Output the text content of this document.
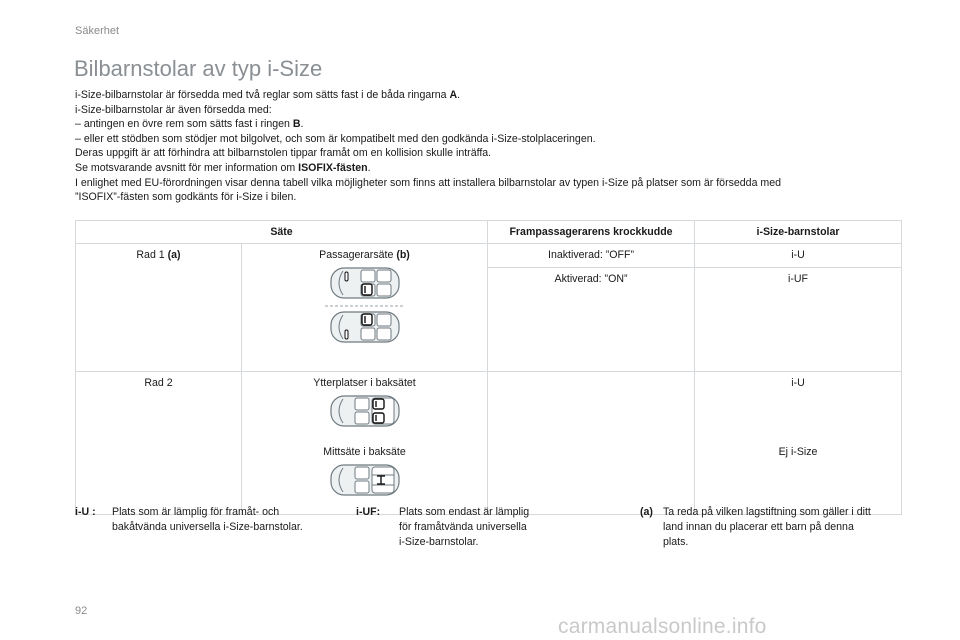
Säkerhet
Bilbarnstolar av typ i-Size

i-Size-bilbarnstolar är försedda med två reglar som sätts fast i de båda ringarna A.

i-Size-bilbarnstolar är även försedda med:

– antingen en övre rem som sätts fast i ringen B.

– eller ett stödben som stödjer mot bilgolvet, och som är kompatibelt med den godkända i-Size-stolplaceringen.

Deras uppgift är att förhindra att bilbarnstolen tippar framåt om en kollision skulle inträffa.

Se motsvarande avsnitt för mer information om ISOFIX-fästen.

I enlighet med EU-förordningen visar denna tabell vilka möjligheter som finns att installera bilbarnstolar av typen i-Size på platser som är försedda med

”ISOFIX”-fästen som godkänts för i-Size i bilen.

Säte		Frampassagerarens krockkudde	i-Size-barnstolar
Rad 1 (a)	Passagerarsäte (b)	Inaktiverad: ”OFF”	i-U
		Aktiverad: ”ON”	i-UF
Rad 2	Ytterplatser i baksätet		i-U
	Mittsäte i baksäte		Ej i-Size
i-U : Plats som är lämplig för framåt- och
bakåtvända universella i-Size-barnstolar.
i-UF: Plats som endast är lämplig
för framåtvända universella
i-Size-barnstolar.
(a) Ta reda på vilken lagstiftning som gäller i ditt
land innan du placerar ett barn på denna
plats.
92
carmanualsonline.info
